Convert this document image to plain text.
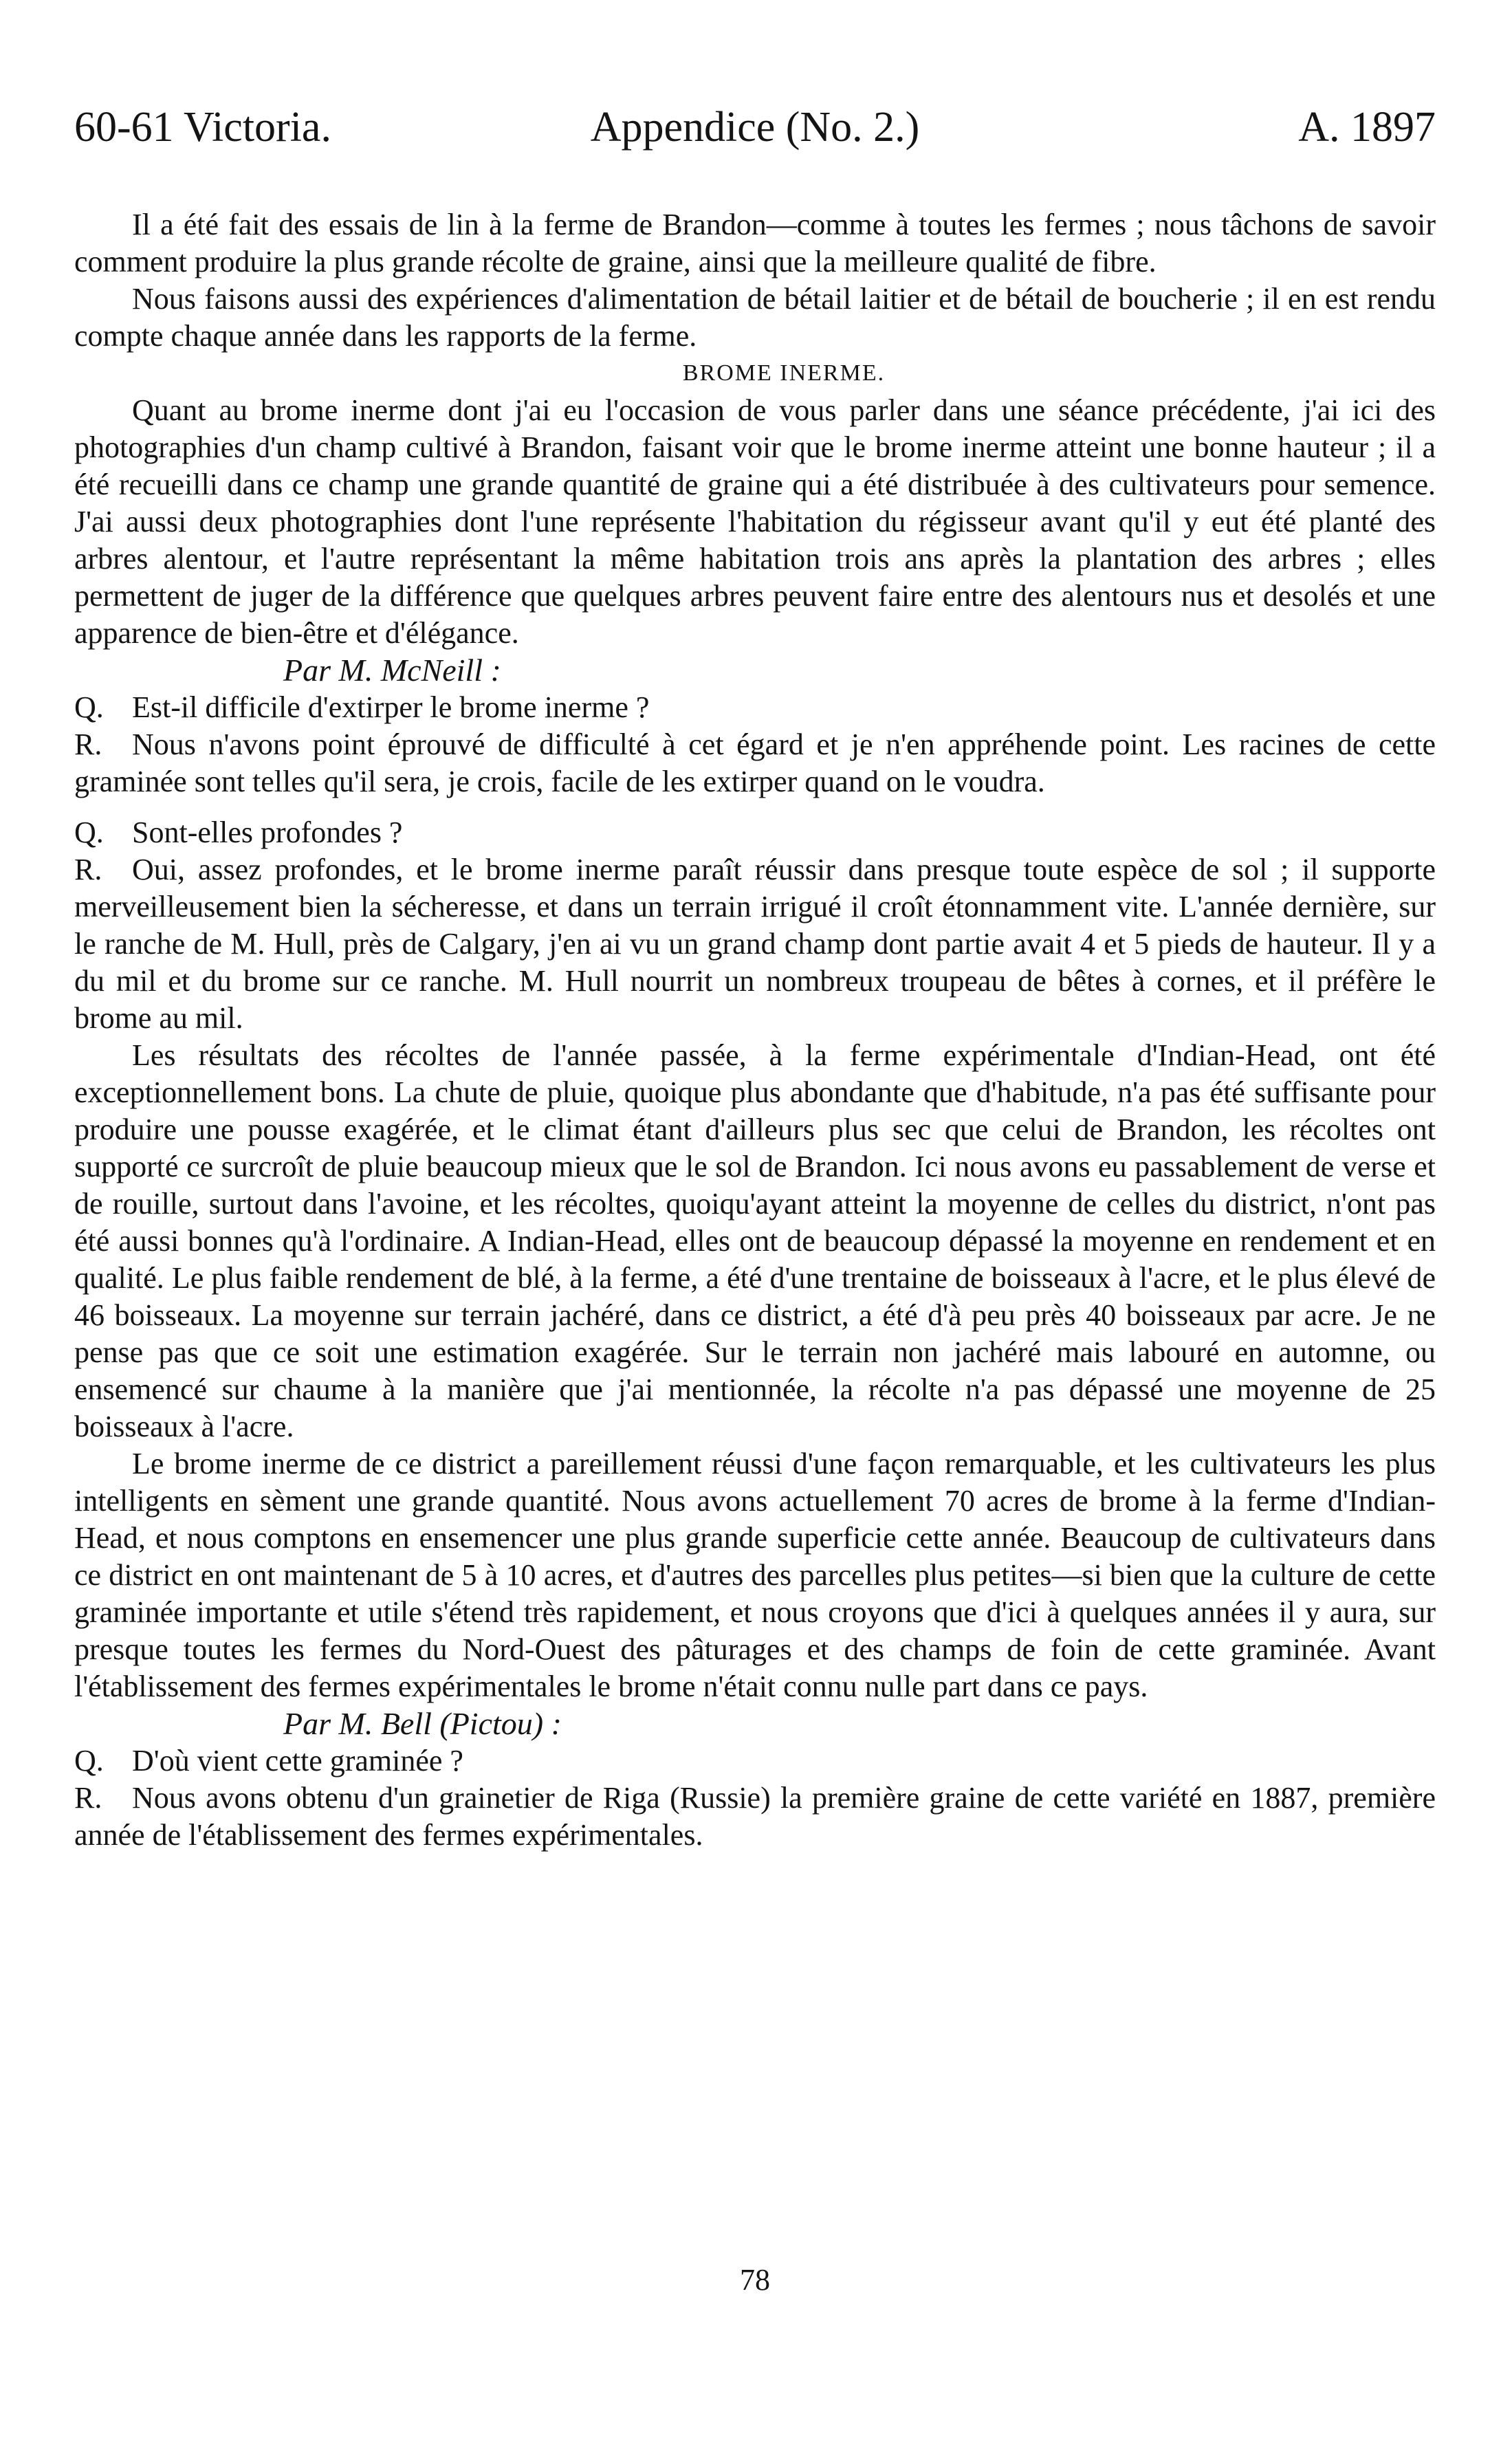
60-61 Victoria.	Appendice (No. 2.)	A. 1897

Il a été fait des essais de lin à la ferme de Brandon—comme à toutes les fermes ; nous tâchons de savoir comment produire la plus grande récolte de graine, ainsi que la meilleure qualité de fibre.

Nous faisons aussi des expériences d'alimentation de bétail laitier et de bétail de boucherie ; il en est rendu compte chaque année dans les rapports de la ferme.

BROME INERME.

Quant au brome inerme dont j'ai eu l'occasion de vous parler dans une séance précédente, j'ai ici des photographies d'un champ cultivé à Brandon, faisant voir que le brome inerme atteint une bonne hauteur ; il a été recueilli dans ce champ une grande quantité de graine qui a été distribuée à des cultivateurs pour semence. J'ai aussi deux photographies dont l'une représente l'habitation du régisseur avant qu'il y eut été planté des arbres alentour, et l'autre représentant la même habitation trois ans après la plantation des arbres ; elles permettent de juger de la différence que quelques arbres peuvent faire entre des alentours nus et desolés et une apparence de bien-être et d'élégance.

Par M. McNeill :

Q. Est-il difficile d'extirper le brome inerme ?

R. Nous n'avons point éprouvé de difficulté à cet égard et je n'en appréhende point. Les racines de cette graminée sont telles qu'il sera, je crois, facile de les extirper quand on le voudra.

Q. Sont-elles profondes ?

R. Oui, assez profondes, et le brome inerme paraît réussir dans presque toute espèce de sol ; il supporte merveilleusement bien la sécheresse, et dans un terrain irrigué il croît étonnamment vite. L'année dernière, sur le ranche de M. Hull, près de Calgary, j'en ai vu un grand champ dont partie avait 4 et 5 pieds de hauteur. Il y a du mil et du brome sur ce ranche. M. Hull nourrit un nombreux troupeau de bêtes à cornes, et il préfère le brome au mil.

Les résultats des récoltes de l'année passée, à la ferme expérimentale d'Indian-Head, ont été exceptionnellement bons. La chute de pluie, quoique plus abondante que d'habitude, n'a pas été suffisante pour produire une pousse exagérée, et le climat étant d'ailleurs plus sec que celui de Brandon, les récoltes ont supporté ce surcroît de pluie beaucoup mieux que le sol de Brandon. Ici nous avons eu passablement de verse et de rouille, surtout dans l'avoine, et les récoltes, quoiqu'ayant atteint la moyenne de celles du district, n'ont pas été aussi bonnes qu'à l'ordinaire. A Indian-Head, elles ont de beaucoup dépassé la moyenne en rendement et en qualité. Le plus faible rendement de blé, à la ferme, a été d'une trentaine de boisseaux à l'acre, et le plus élevé de 46 boisseaux. La moyenne sur terrain jachéré, dans ce district, a été d'à peu près 40 boisseaux par acre. Je ne pense pas que ce soit une estimation exagérée. Sur le terrain non jachéré mais labouré en automne, ou ensemencé sur chaume à la manière que j'ai mentionnée, la récolte n'a pas dépassé une moyenne de 25 boisseaux à l'acre.

Le brome inerme de ce district a pareillement réussi d'une façon remarquable, et les cultivateurs les plus intelligents en sèment une grande quantité. Nous avons actuellement 70 acres de brome à la ferme d'Indian-Head, et nous comptons en ensemencer une plus grande superficie cette année. Beaucoup de cultivateurs dans ce district en ont maintenant de 5 à 10 acres, et d'autres des parcelles plus petites—si bien que la culture de cette graminée importante et utile s'étend très rapidement, et nous croyons que d'ici à quelques années il y aura, sur presque toutes les fermes du Nord-Ouest des pâturages et des champs de foin de cette graminée. Avant l'établissement des fermes expérimentales le brome n'était connu nulle part dans ce pays.

Par M. Bell (Pictou) :

Q. D'où vient cette graminée ?

R. Nous avons obtenu d'un grainetier de Riga (Russie) la première graine de cette variété en 1887, première année de l'établissement des fermes expérimentales.

78
